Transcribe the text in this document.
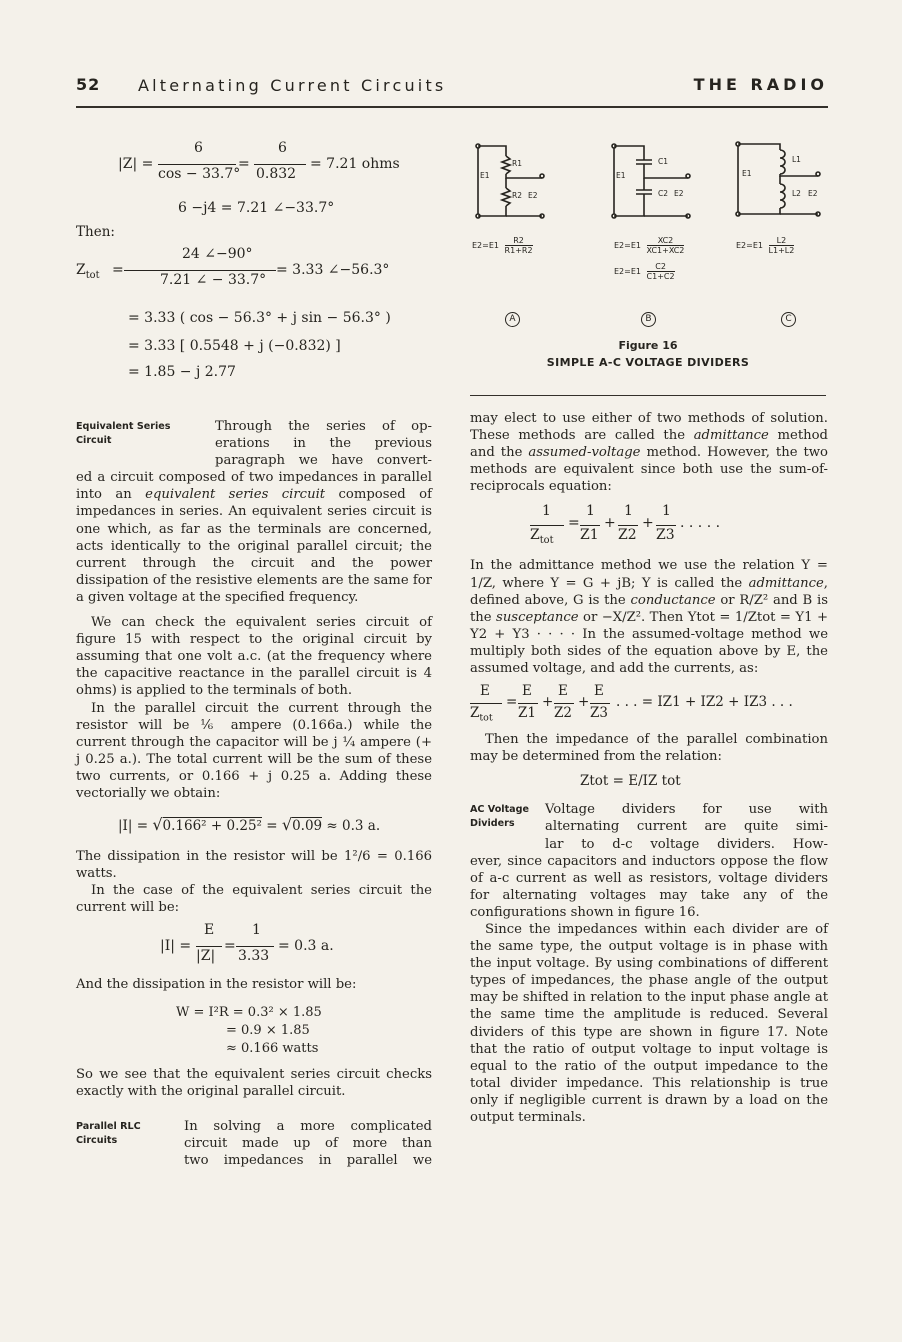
52 Alternating Current Circuits	THE RADIO
|Z| =
6
cos − 33.7°
=
6
0.832
= 7.21 ohms
6 −j4 = 7.21 ∠−33.7°
Then:
$Z_{tot}$ =
24 ∠−90°
7.21 ∠ − 33.7°
= 3.33 ∠−56.3°
= 3.33 ( cos − 56.3° + j sin − 56.3° )
= 3.33 [ 0.5548 + j (−0.832) ]
= 1.85 − j 2.77
Equivalent Series
Circuit

Through the series of op-

erations in the previous

paragraph we have convert-

ed a circuit composed of two impedances in parallel into an equivalent series circuit composed of impedances in series. An equivalent series circuit is one which, as far as the terminals are concerned, acts identically to the original parallel circuit; the current through the circuit and the power dissipation of the resistive elements are the same for a given voltage at the specified frequency.

We can check the equivalent series circuit of figure 15 with respect to the original circuit by assuming that one volt a.c. (at the frequency where the capacitive reactance in the parallel circuit is 4 ohms) is applied to the terminals of both.

In the parallel circuit the current through the resistor will be ⅙ ampere (0.166a.) while the current through the capacitor will be j ¼ ampere (+ j 0.25 a.). The total current will be the sum of these two currents, or 0.166 + j 0.25 a. Adding these vectorially we obtain:

|I| = √0.166² + 0.25² = √0.09 ≈ 0.3 a.

The dissipation in the resistor will be 1²/6 = 0.166 watts.

In the case of the equivalent series circuit the current will be:

|I| =
E
|Z|
=
1
3.33
= 0.3 a.

And the dissipation in the resistor will be:

W = I²R = 0.3² × 1.85
= 0.9 × 1.85
≈ 0.166 watts

So we see that the equivalent series circuit checks exactly with the original parallel circuit.

Parallel RLC
Circuits

In solving a more complicated

circuit made up of more than

two impedances in parallel we

R1
R2 E2
E1
C1
C2 E2
E1
L1
L2 E2
E1
$E2=E1 \frac{R2}{R1+R2}$	$E2=E1 \frac{XC2}{XC1+XC2}$
$E2=E1 \frac{C2}{C1+C2}$
$E2=E1 \frac{L2}{L1+L2}$
A	B	C
Figure 16
SIMPLE A-C VOLTAGE DIVIDERS

may elect to use either of two methods of solution. These methods are called the admittance method and the assumed-voltage method. However, the two methods are equivalent since both use the sum-of-reciprocals equation:

1
$Z_{tot}$
=
1
Z1
+
1
Z2
+
1
Z3
. . . . .

In the admittance method we use the relation Y = 1/Z, where Y = G + jB; Y is called the admittance, defined above, G is the conductance or R/Z² and B is the susceptance or −X/Z². Then Ytot = 1/Ztot = Y1 + Y2 + Y3 · · · · In the assumed-voltage method we multiply both sides of the equation above by E, the assumed voltage, and add the currents, as:

E
$Z_{tot}$
=
E
Z1
+
E
Z2
+
E
Z3
. . . = IZ1 + IZ2 + IZ3 . . .

Then the impedance of the parallel combination may be determined from the relation:

Ztot = E/IZ tot
AC Voltage
Dividers

Voltage dividers for use with

alternating current are quite simi-

lar to d-c voltage dividers. How-

ever, since capacitors and inductors oppose the flow of a-c current as well as resistors, voltage dividers for alternating voltages may take any of the configurations shown in figure 16.

Since the impedances within each divider are of the same type, the output voltage is in phase with the input voltage. By using combinations of different types of impedances, the phase angle of the output may be shifted in relation to the input phase angle at the same time the amplitude is reduced. Several dividers of this type are shown in figure 17. Note that the ratio of output voltage to input voltage is equal to the ratio of the output impedance to the total divider impedance. This relationship is true only if negligible current is drawn by a load on the output terminals.
